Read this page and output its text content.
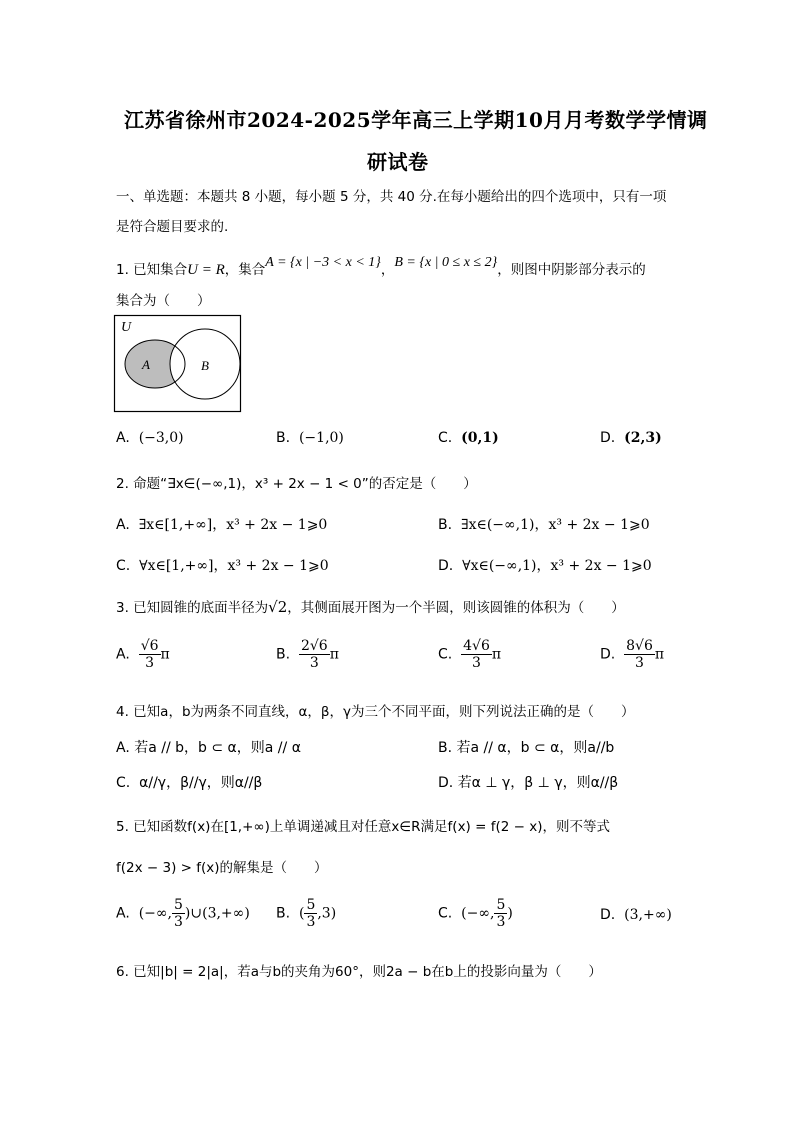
江苏省徐州市2024-2025学年高三上学期10月月考数学学情调
研试卷
一、单选题：本题共 8 小题，每小题 5 分，共 40 分.在每小题给出的四个选项中，只有一项
是符合题目要求的.
1. 已知集合U = R，集合A = {x | −3 < x < 1}，B = {x | 0 ≤ x ≤ 2}，则图中阴影部分表示的
集合为（　　）
U
A	B
A. (−3,0)	B. (−1,0)	C. (0,1)	D. (2,3)
2. 命题“∃x∈(−∞,1)，x³ + 2x − 1 < 0”的否定是（　　）
A. ∃x∈[1,+∞]，x³ + 2x − 1⩾0	B. ∃x∈(−∞,1)，x³ + 2x − 1⩾0
C. ∀x∈[1,+∞]，x³ + 2x − 1⩾0	D. ∀x∈(−∞,1)，x³ + 2x − 1⩾0
3. 已知圆锥的底面半径为√2，其侧面展开图为一个半圆，则该圆锥的体积为（　　）
A. $\frac{√6}{3}$ π	B. $\frac{2√6}{3}$ π	C. $\frac{4√6}{3}$ π	D. $\frac{8√6}{3}$ π
4. 已知a，b为两条不同直线，α，β，γ为三个不同平面，则下列说法正确的是（　　）
A. 若a // b，b ⊂ α，则a // α	B. 若a // α，b ⊂ α，则a//b
C. α//γ，β//γ，则α//β	D. 若α ⊥ γ，β ⊥ γ，则α//β
5. 已知函数f(x)在[1,+∞)上单调递减且对任意x∈R满足f(x) = f(2 − x)，则不等式
f(2x − 3) > f(x)的解集是（　　）
A. (−∞, $\frac{5}{3}$ )∪(3,+∞) B. ( $\frac{5}{3} ,3$)	C. (−∞, $\frac{5}{3}$ )	D. (3,+∞)
6. 已知|b| = 2|a|，若a与b的夹角为60°，则2a − b在b上的投影向量为（　　）
